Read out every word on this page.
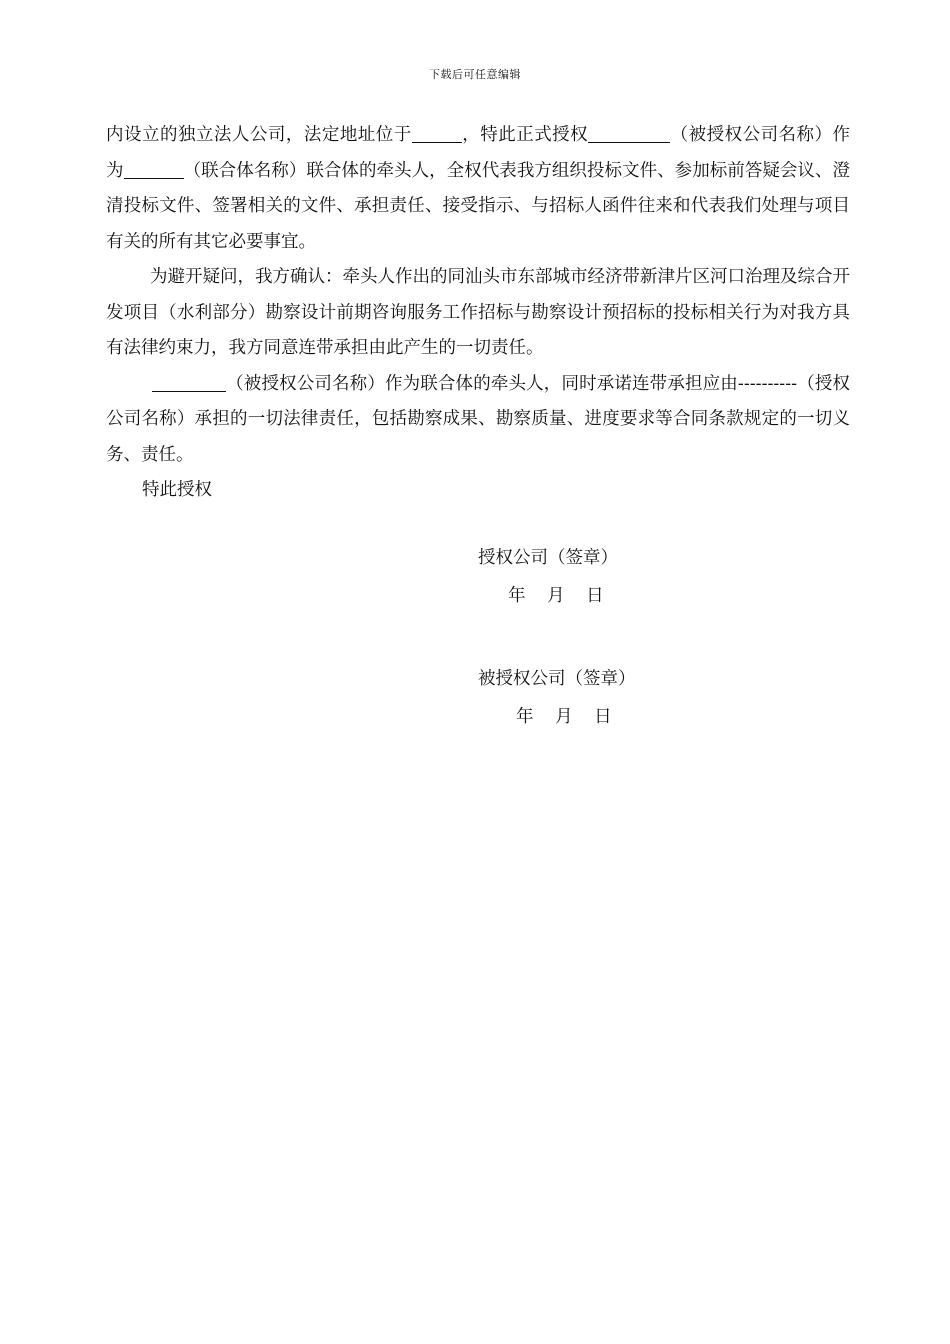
下载后可任意编辑

内设立的独立法人公司，法定地址位于	，特此正式授权	（被授权公司名称）作为	（联合体名称）联合体的牵头人，全权代表我方组织投标文件、参加标前答疑会议、澄清投标文件、签署相关的文件、承担责任、接受指示、与招标人函件往来和代表我们处理与项目有关的所有其它必要事宜。

为避开疑问，我方确认：牵头人作出的同汕头市东部城市经济带新津片区河口治理及综合开发项目（水利部分）勘察设计前期咨询服务工作招标与勘察设计预招标的投标相关行为对我方具有法律约束力，我方同意连带承担由此产生的一切责任。

（被授权公司名称）作为联合体的牵头人，同时承诺连带承担应由----------（授权公司名称）承担的一切法律责任，包括勘察成果、勘察质量、进度要求等合同条款规定的一切义务、责任。

特此授权

授权公司（签章）
年 月 日
被授权公司（签章）
年 月 日
